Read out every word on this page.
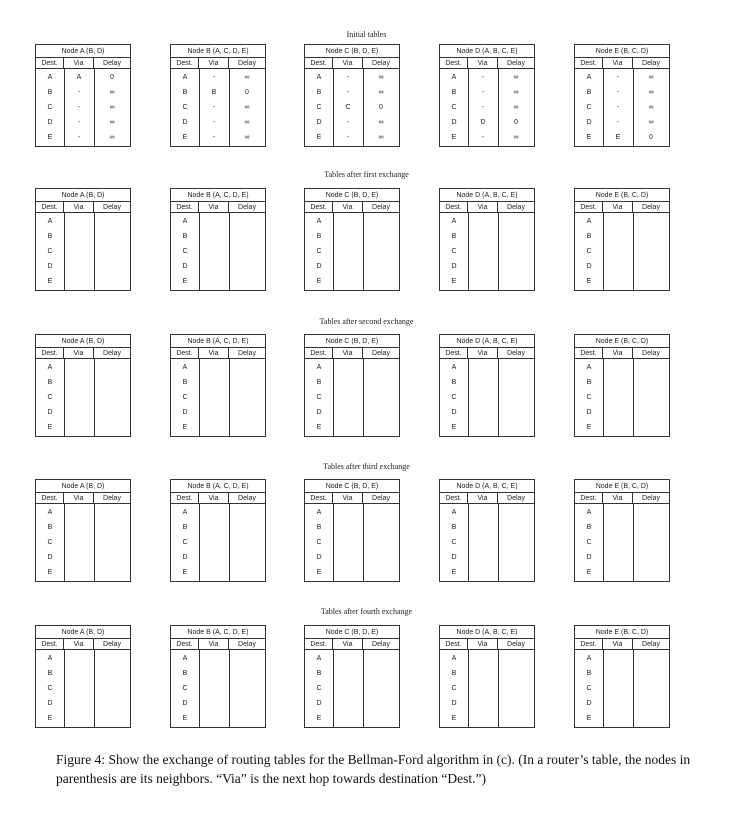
Initial tables
Node A (B, D)
Dest.	Via	Delay
A	A	0
B	-	∞
C	-	∞
D	-	∞
E	-	∞
Node B (A, C, D, E)
Dest.	Via	Delay
A	-	∞
B	B	0
C	-	∞
D	-	∞
E	-	∞
Node C (B, D, E)
Dest.	Via	Delay
A	-	∞
B	-	∞
C	C	0
D	-	∞
E	-	∞
Node D (A, B, C, E)
Dest.	Via	Delay
A	-	∞
B	-	∞
C	-	∞
D	D	0
E	-	∞
Node E (B, C, D)
Dest.	Via	Delay
A	-	∞
B	-	∞
C	-	∞
D	-	∞
E	E	0
Tables after first exchange
Node A (B, D)
Dest.	Via	Delay
A
B
C
D
E
Node B (A, C, D, E)
Dest.	Via	Delay
A
B
C
D
E
Node C (B, D, E)
Dest.	Via	Delay
A
B
C
D
E
Node D (A, B, C, E)
Dest.	Via	Delay
A
B
C
D
E
Node E (B, C, D)
Dest.	Via	Delay
A
B
C
D
E
Tables after second exchange
Node A (B, D)
Dest.	Via	Delay
A
B
C
D
E
Node B (A, C, D, E)
Dest.	Via	Delay
A
B
C
D
E
Node C (B, D, E)
Dest.	Via	Delay
A
B
C
D
E
Node D (A, B, C, E)
Dest.	Via	Delay
A
B
C
D
E
Node E (B, C, D)
Dest.	Via	Delay
A
B
C
D
E
Tables after third exchange
Node A (B, D)
Dest.	Via	Delay
A
B
C
D
E
Node B (A, C, D, E)
Dest.	Via	Delay
A
B
C
D
E
Node C (B, D, E)
Dest.	Via	Delay
A
B
C
D
E
Node D (A, B, C, E)
Dest.	Via	Delay
A
B
C
D
E
Node E (B, C, D)
Dest.	Via	Delay
A
B
C
D
E
Tables after fourth exchange
Node A (B, D)
Dest.	Via	Delay
A
B
C
D
E
Node B (A, C, D, E)
Dest.	Via	Delay
A
B
C
D
E
Node C (B, D, E)
Dest.	Via	Delay
A
B
C
D
E
Node D (A, B, C, E)
Dest.	Via	Delay
A
B
C
D
E
Node E (B, C, D)
Dest.	Via	Delay
A
B
C
D
E
Figure 4: Show the exchange of routing tables for the Bellman-Ford algorithm in (c). (In a router’s table, the nodes in parenthesis are its neighbors. “Via” is the next hop towards destination “Dest.”)
